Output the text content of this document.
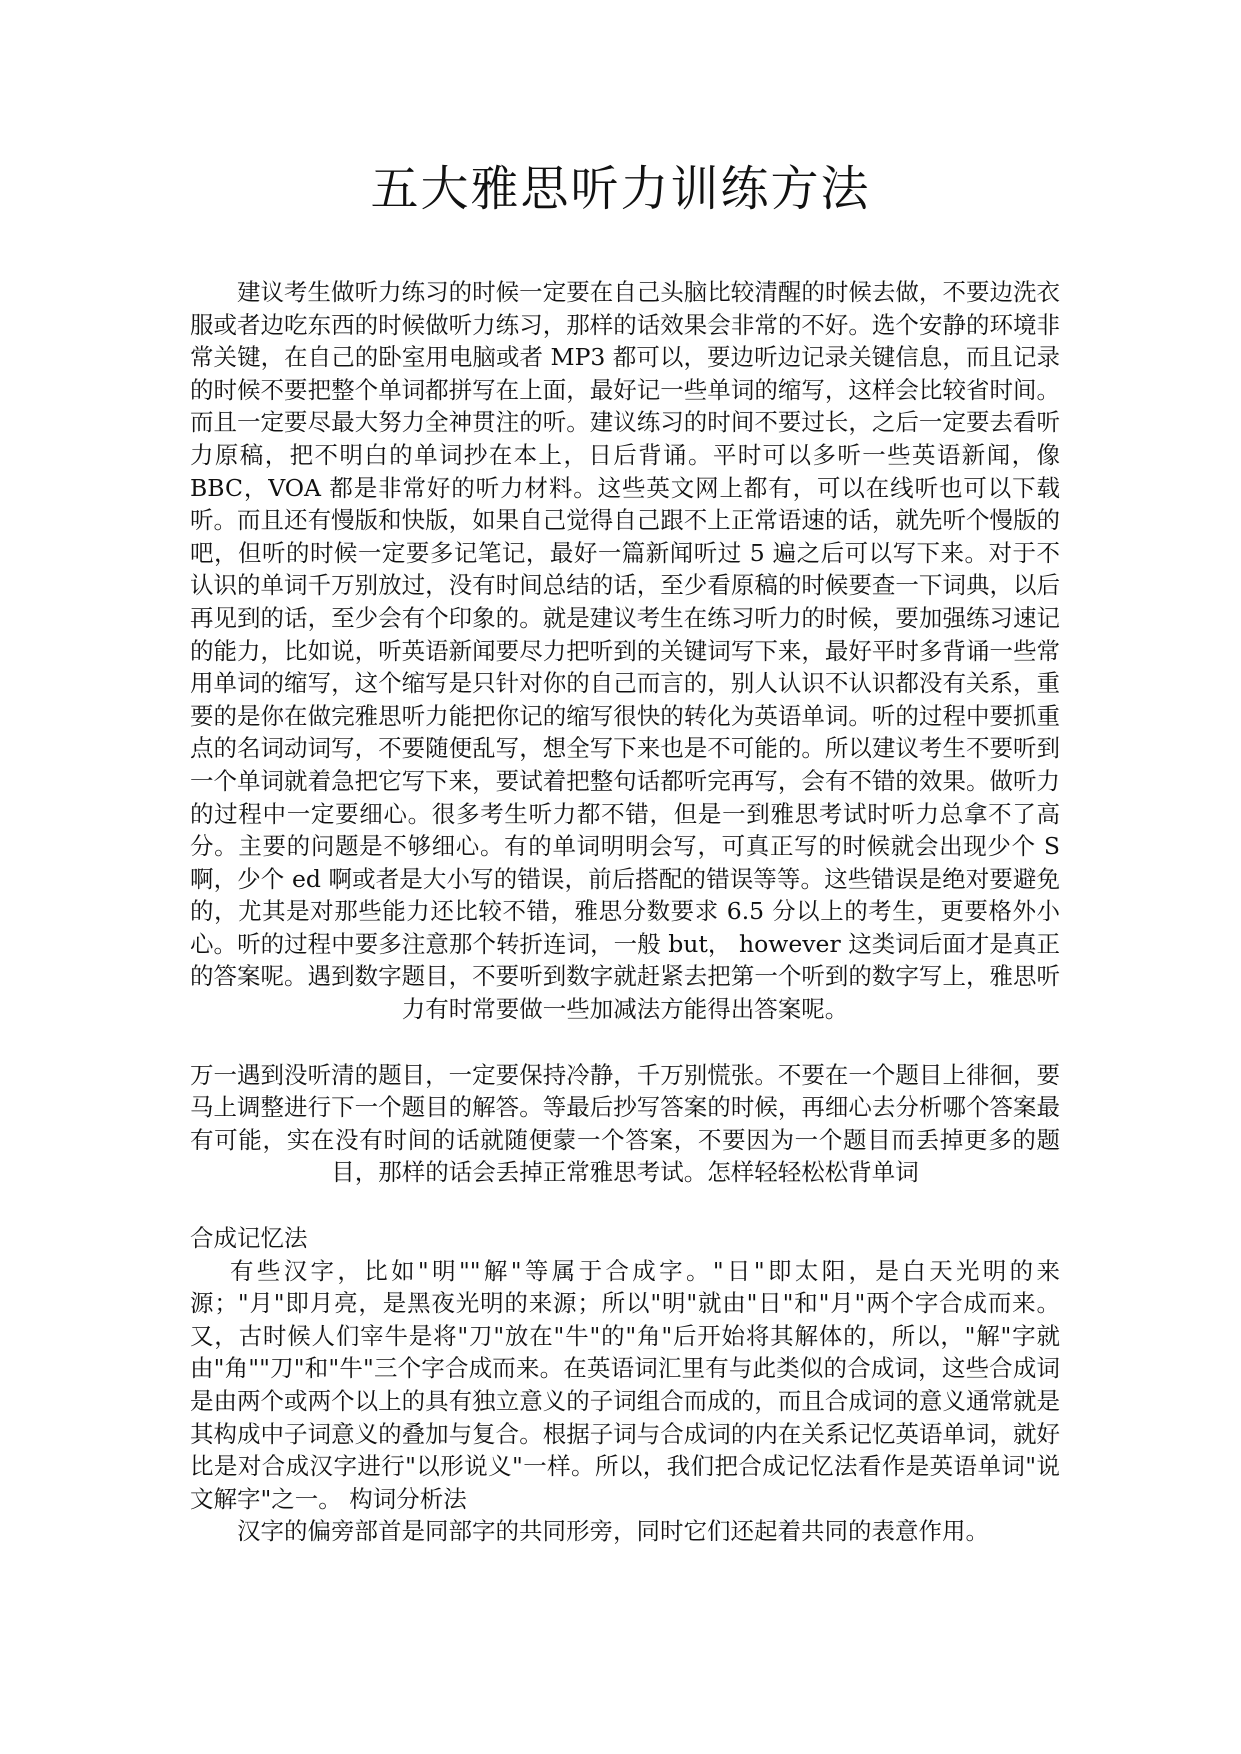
五大雅思听力训练方法

建议考生做听力练习的时候一定要在自己头脑比较清醒的时候去做，不要边洗衣服或者边吃东西的时候做听力练习，那样的话效果会非常的不好。选个安静的环境非常关键，在自己的卧室用电脑或者 MP3 都可以，要边听边记录关键信息，而且记录的时候不要把整个单词都拼写在上面，最好记一些单词的缩写，这样会比较省时间。而且一定要尽最大努力全神贯注的听。建议练习的时间不要过长，之后一定要去看听力原稿，把不明白的单词抄在本上，日后背诵。平时可以多听一些英语新闻，像 BBC，VOA 都是非常好的听力材料。这些英文网上都有，可以在线听也可以下载听。而且还有慢版和快版，如果自己觉得自己跟不上正常语速的话，就先听个慢版的吧，但听的时候一定要多记笔记，最好一篇新闻听过 5 遍之后可以写下来。对于不认识的单词千万别放过，没有时间总结的话，至少看原稿的时候要查一下词典，以后再见到的话，至少会有个印象的。就是建议考生在练习听力的时候，要加强练习速记的能力，比如说，听英语新闻要尽力把听到的关键词写下来，最好平时多背诵一些常用单词的缩写，这个缩写是只针对你的自己而言的，别人认识不认识都没有关系，重要的是你在做完雅思听力能把你记的缩写很快的转化为英语单词。听的过程中要抓重点的名词动词写，不要随便乱写，想全写下来也是不可能的。所以建议考生不要听到一个单词就着急把它写下来，要试着把整句话都听完再写，会有不错的效果。做听力的过程中一定要细心。很多考生听力都不错，但是一到雅思考试时听力总拿不了高分。主要的问题是不够细心。有的单词明明会写，可真正写的时候就会出现少个 S 啊，少个 ed 啊或者是大小写的错误，前后搭配的错误等等。这些错误是绝对要避免的，尤其是对那些能力还比较不错，雅思分数要求 6.5 分以上的考生，更要格外小心。听的过程中要多注意那个转折连词，一般 but， however 这类词后面才是真正的答案呢。遇到数字题目，不要听到数字就赶紧去把第一个听到的数字写上，雅思听力有时常要做一些加减法方能得出答案呢。

万一遇到没听清的题目，一定要保持冷静，千万别慌张。不要在一个题目上徘徊，要马上调整进行下一个题目的解答。等最后抄写答案的时候，再细心去分析哪个答案最有可能，实在没有时间的话就随便蒙一个答案，不要因为一个题目而丢掉更多的题目，那样的话会丢掉正常雅思考试。怎样轻轻松松背单词

合成记忆法

有些汉字，比如"明""解"等属于合成字。"日"即太阳，是白天光明的来源；"月"即月亮，是黑夜光明的来源；所以"明"就由"日"和"月"两个字合成而来。又，古时候人们宰牛是将"刀"放在"牛"的"角"后开始将其解体的，所以，"解"字就由"角""刀"和"牛"三个字合成而来。在英语词汇里有与此类似的合成词，这些合成词是由两个或两个以上的具有独立意义的子词组合而成的，而且合成词的意义通常就是其构成中子词意义的叠加与复合。根据子词与合成词的内在关系记忆英语单词，就好比是对合成汉字进行"以形说义"一样。所以，我们把合成记忆法看作是英语单词"说文解字"之一。 构词分析法

汉字的偏旁部首是同部字的共同形旁，同时它们还起着共同的表意作用。
